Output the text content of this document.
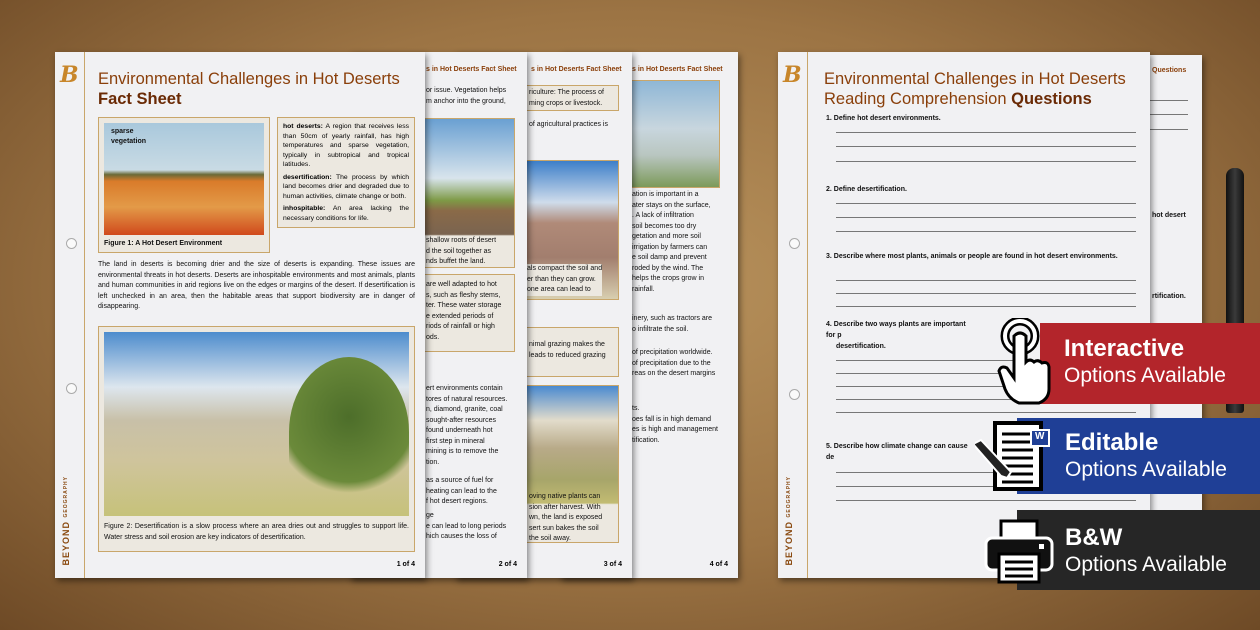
s in Hot Deserts Fact Sheet
ation is important in a
ater stays on the surface,
. A lack of infiltration
soil becomes too dry
getation and more soil
irrigation by farmers can
e soil damp and prevent
roded by the wind. The
helps the crops grow in
rainfall.
inery, such as tractors are
o infiltrate the soil.
of precipitation worldwide.
of precipitation due to the
reas on the desert margins
ts.
oes fall is in high demand
es is high and management
tification.
4 of 4
s in Hot Deserts Fact Sheet
riculture: The process of
ming crops or livestock.
of agricultural practices is
als compact the soil and
er than they can grow.
one area can lead to
nimal grazing makes the
leads to reduced grazing
oving native plants can
sion after harvest. With
wn, the land is exposed
sert sun bakes the soil
the soil away.
3 of 4
s in Hot Deserts Fact Sheet
or issue. Vegetation helps
m anchor into the ground,
shallow roots of desert
d the soil together as
nds buffet the land.
are well adapted to hot
s, such as fleshy stems,
ter. These water storage
e extended periods of
riods of rainfall or high
ods.
ert environments contain
tores of natural resources.
n, diamond, granite, coal
sought-after resources
found underneath hot
first step in mineral
mining is to remove the
tion.
as a source of fuel for
heating can lead to the
f hot desert regions.
ge
e can lead to long periods
hich causes the loss of
2 of 4
B
BEYOND GEOGRAPHY
Environmental Challenges in Hot Deserts
Fact Sheet
sparse vegetation
Figure 1: A Hot Desert Environment
hot deserts: A region that receives less than 50cm of yearly rainfall, has high temperatures and sparse vegetation, typically in subtropical and tropical latitudes.
desertification: The process by which land becomes drier and degraded due to human activities, climate change or both.
inhospitable: An area lacking the necessary conditions for life.
The land in deserts is becoming drier and the size of deserts is expanding. These issues are environmental threats in hot deserts. Deserts are inhospitable environments and most animals, plants and human communities in arid regions live on the edges or margins of the desert. If desertification is left unchecked in an area, then the habitable areas that support biodiversity are in danger of disappearing.
Figure 2: Desertification is a slow process where an area dries out and struggles to support life. Water stress and soil erosion are key indicators of desertification.
1 of 4
Questions
hot desert
rtification.
B
BEYOND GEOGRAPHY
Environmental Challenges in Hot Deserts
Reading Comprehension Questions
1. Define hot desert environments.
2. Define desertification.
3. Describe where most plants, animals or people are found in hot desert environments.
4. Describe two ways plants are important for p
desertification.
5. Describe how climate change can cause de
Interactive
Options Available
Editable
Options Available
W
B&W
Options Available
